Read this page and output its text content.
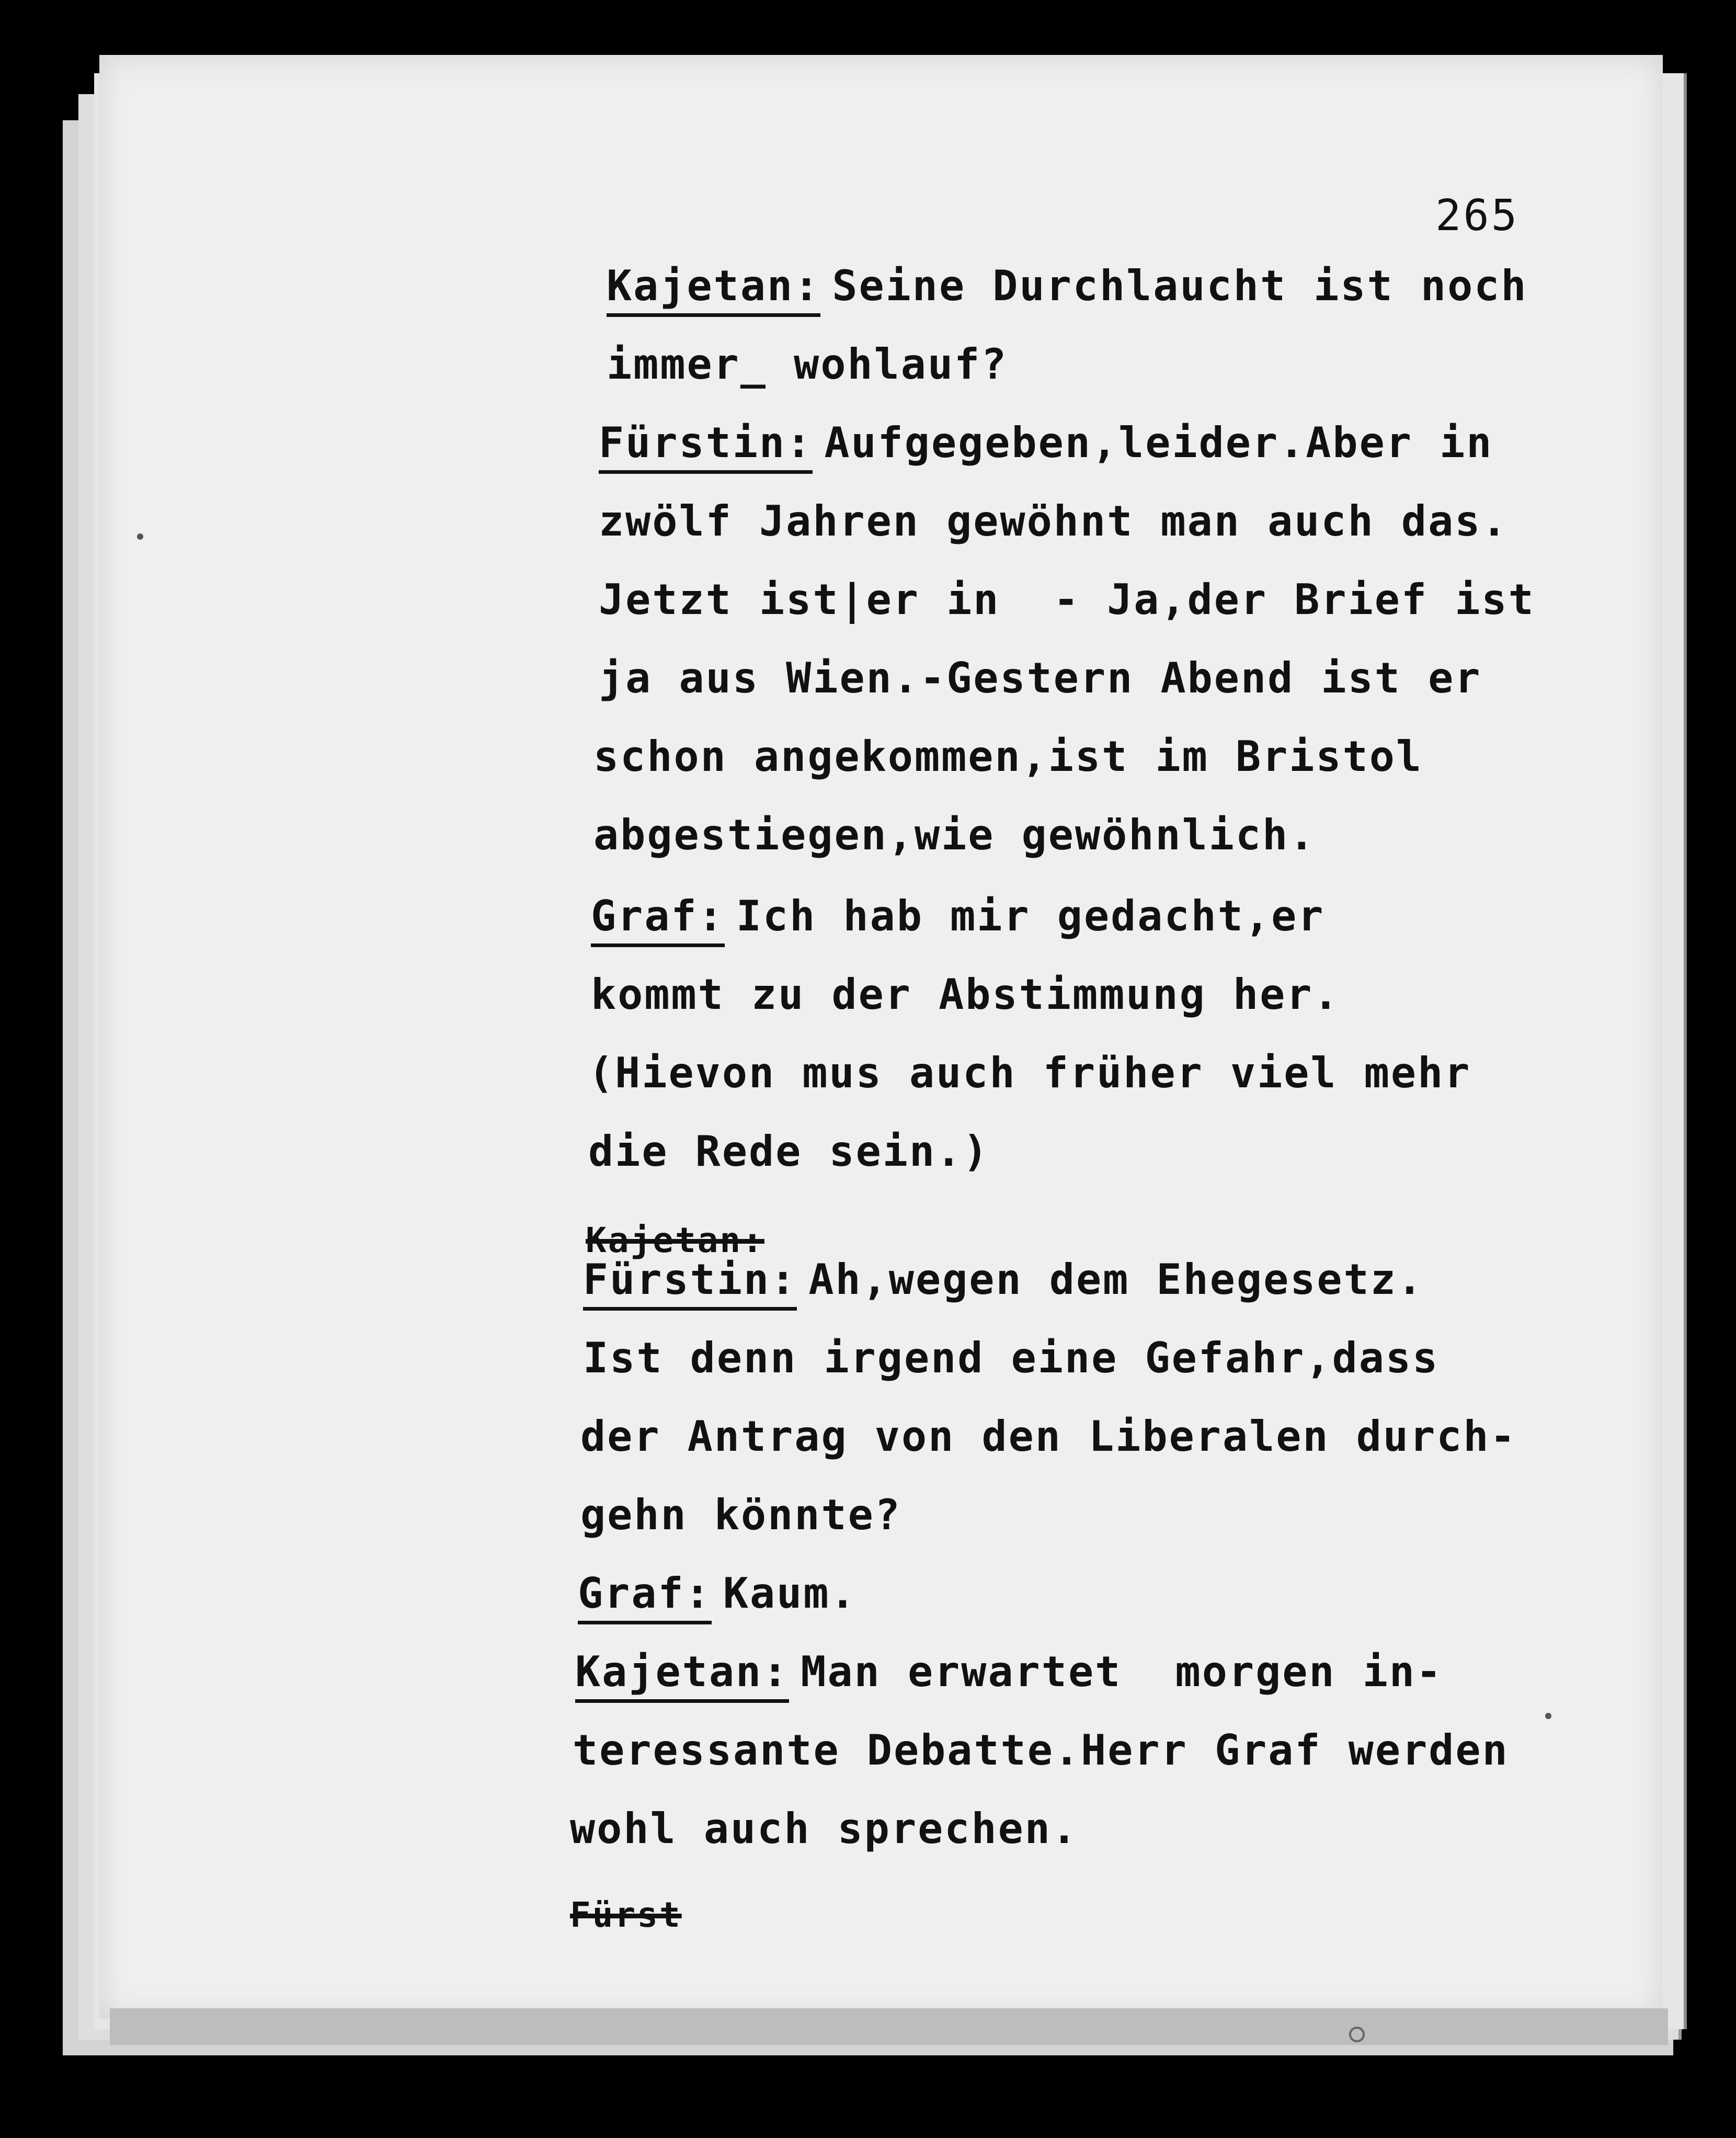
265
Kajetan: Seine Durchlaucht ist noch
immer_ wohlauf?
Fürstin: Aufgegeben,leider.Aber in
zwölf Jahren gewöhnt man auch das.
Jetzt ist|er in  - Ja,der Brief ist
ja aus Wien.-Gestern Abend ist er
schon angekommen,ist im Bristol
abgestiegen,wie gewöhnlich.
Graf: Ich hab mir gedacht,er
kommt zu der Abstimmung her.
(Hievon mus auch früher viel mehr
die Rede sein.)
Kajetan:
Fürstin: Ah,wegen dem Ehegesetz.
Ist denn irgend eine Gefahr,dass
der Antrag von den Liberalen durch-
gehn könnte?
Graf: Kaum.
Kajetan: Man erwartet  morgen in-
teressante Debatte.Herr Graf werden
wohl auch sprechen.
Fürst
